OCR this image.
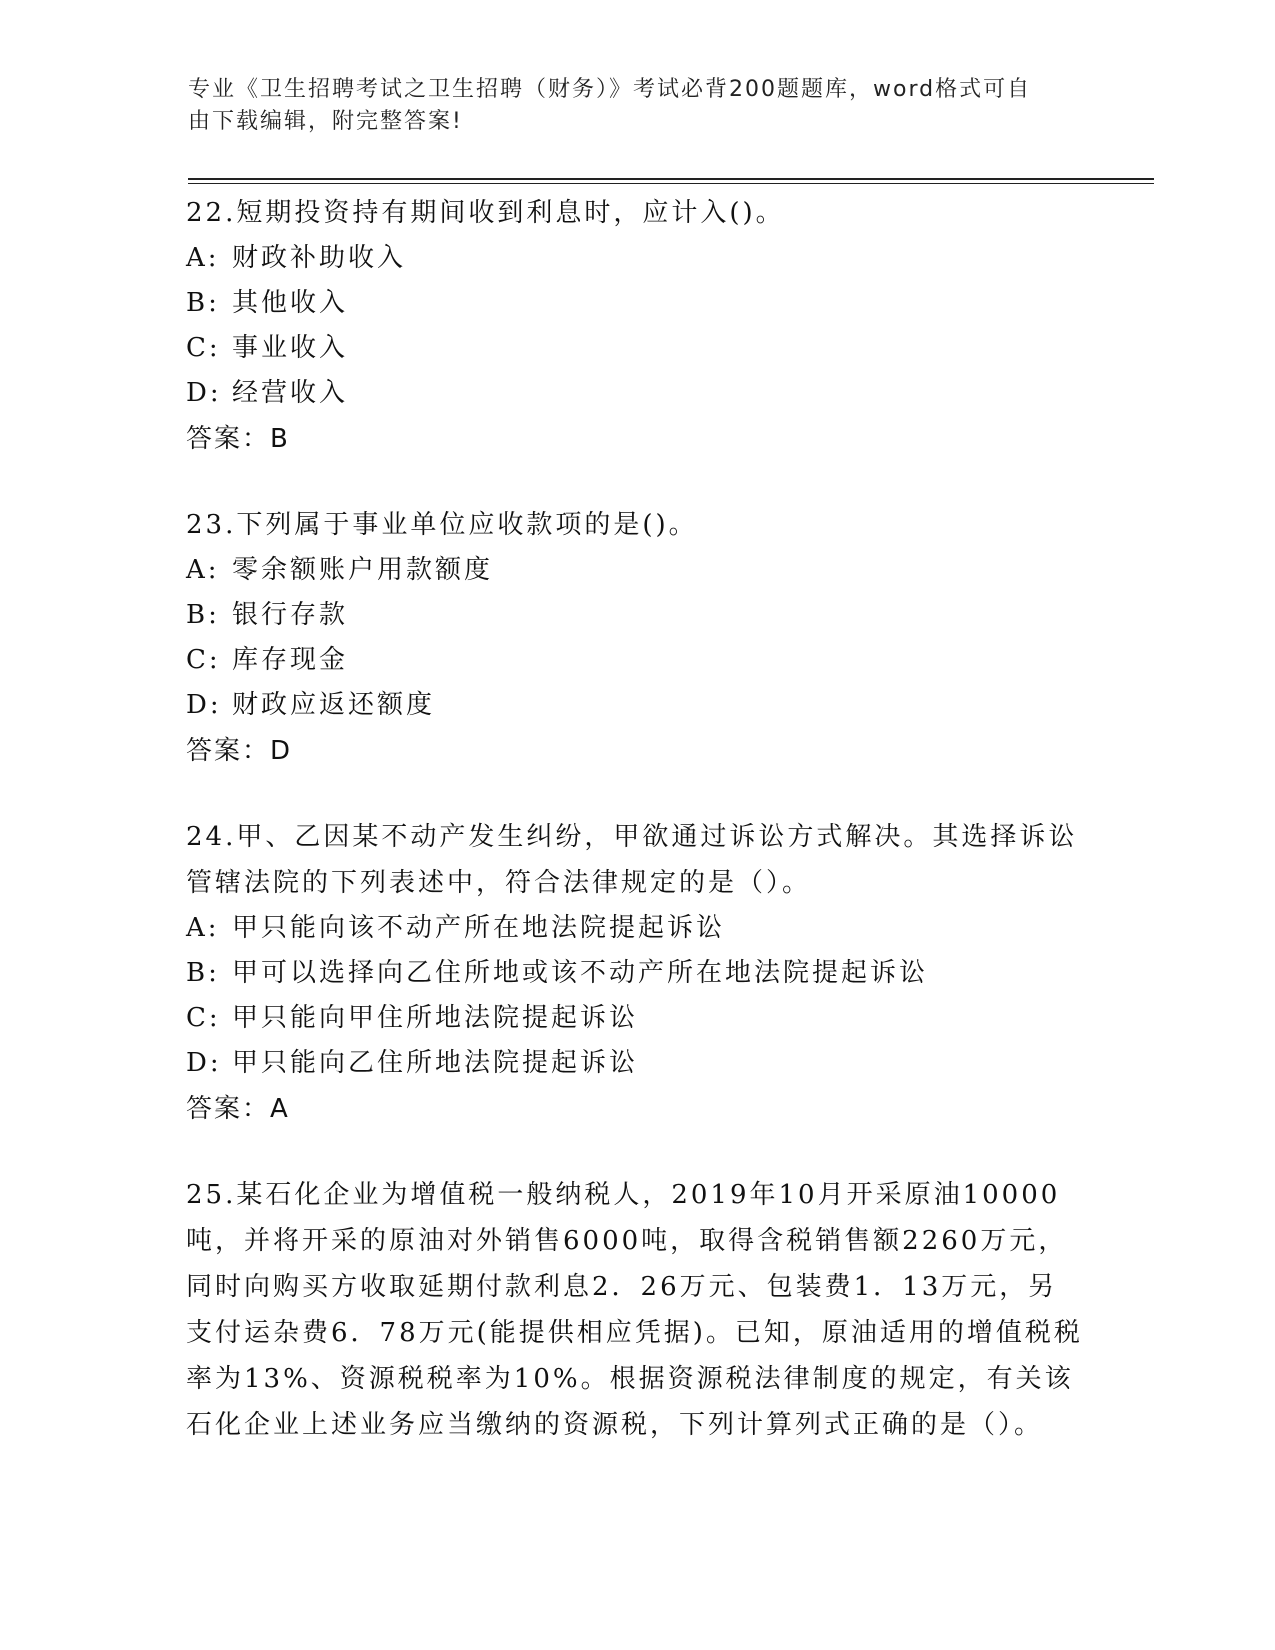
专业《卫生招聘考试之卫生招聘（财务）》考试必背200题题库，word格式可自
由下载编辑，附完整答案!

22.短期投资持有期间收到利息时，应计入()。

A: 财政补助收入

B: 其他收入

C: 事业收入

D: 经营收入

答案：B

23.下列属于事业单位应收款项的是()。

A: 零余额账户用款额度

B: 银行存款

C: 库存现金

D: 财政应返还额度

答案：D

24.甲、乙因某不动产发生纠纷，甲欲通过诉讼方式解决。其选择诉讼管辖法院的下列表述中，符合法律规定的是（）。

A: 甲只能向该不动产所在地法院提起诉讼

B: 甲可以选择向乙住所地或该不动产所在地法院提起诉讼

C: 甲只能向甲住所地法院提起诉讼

D: 甲只能向乙住所地法院提起诉讼

答案：A

25.某石化企业为增值税一般纳税人，2019年10月开采原油10000吨，并将开采的原油对外销售6000吨，取得含税销售额2260万元，同时向购买方收取延期付款利息2．26万元、包装费1．13万元，另支付运杂费6．78万元(能提供相应凭据)。已知，原油适用的增值税税率为13%、资源税税率为10%。根据资源税法律制度的规定，有关该石化企业上述业务应当缴纳的资源税，下列计算列式正确的是（）。
